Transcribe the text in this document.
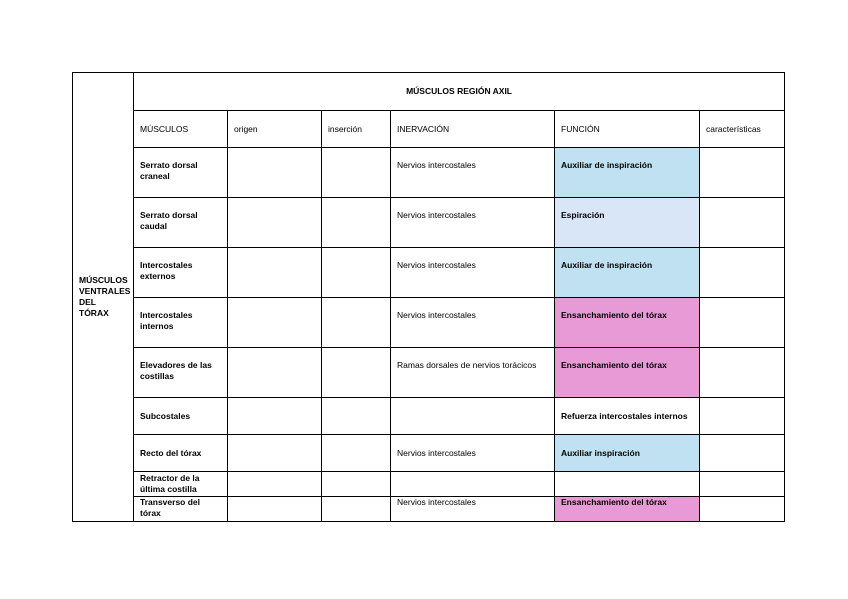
MÚSCULOS VENTRALES DEL TÓRAX	MÚSCULOS REGIÓN AXIL					
	MÚSCULOS	origen	inserción	INERVACIÓN	FUNCIÓN	características
	Serrato dorsal craneal			Nervios intercostales	Auxiliar de inspiración	
	Serrato dorsal caudal			Nervios intercostales	Espiración	
	Intercostales externos			Nervios intercostales	Auxiliar de inspiración	
	Intercostales internos			Nervios intercostales	Ensanchamiento del tórax	
	Elevadores de las costillas			Ramas dorsales de nervios torácicos	Ensanchamiento del tórax	
	Subcostales				Refuerza intercostales internos	
	Recto del tórax			Nervios intercostales	Auxiliar inspiración	
	Retractor de la última costilla					
	Transverso del tórax			Nervios intercostales	Ensanchamiento del tórax	
